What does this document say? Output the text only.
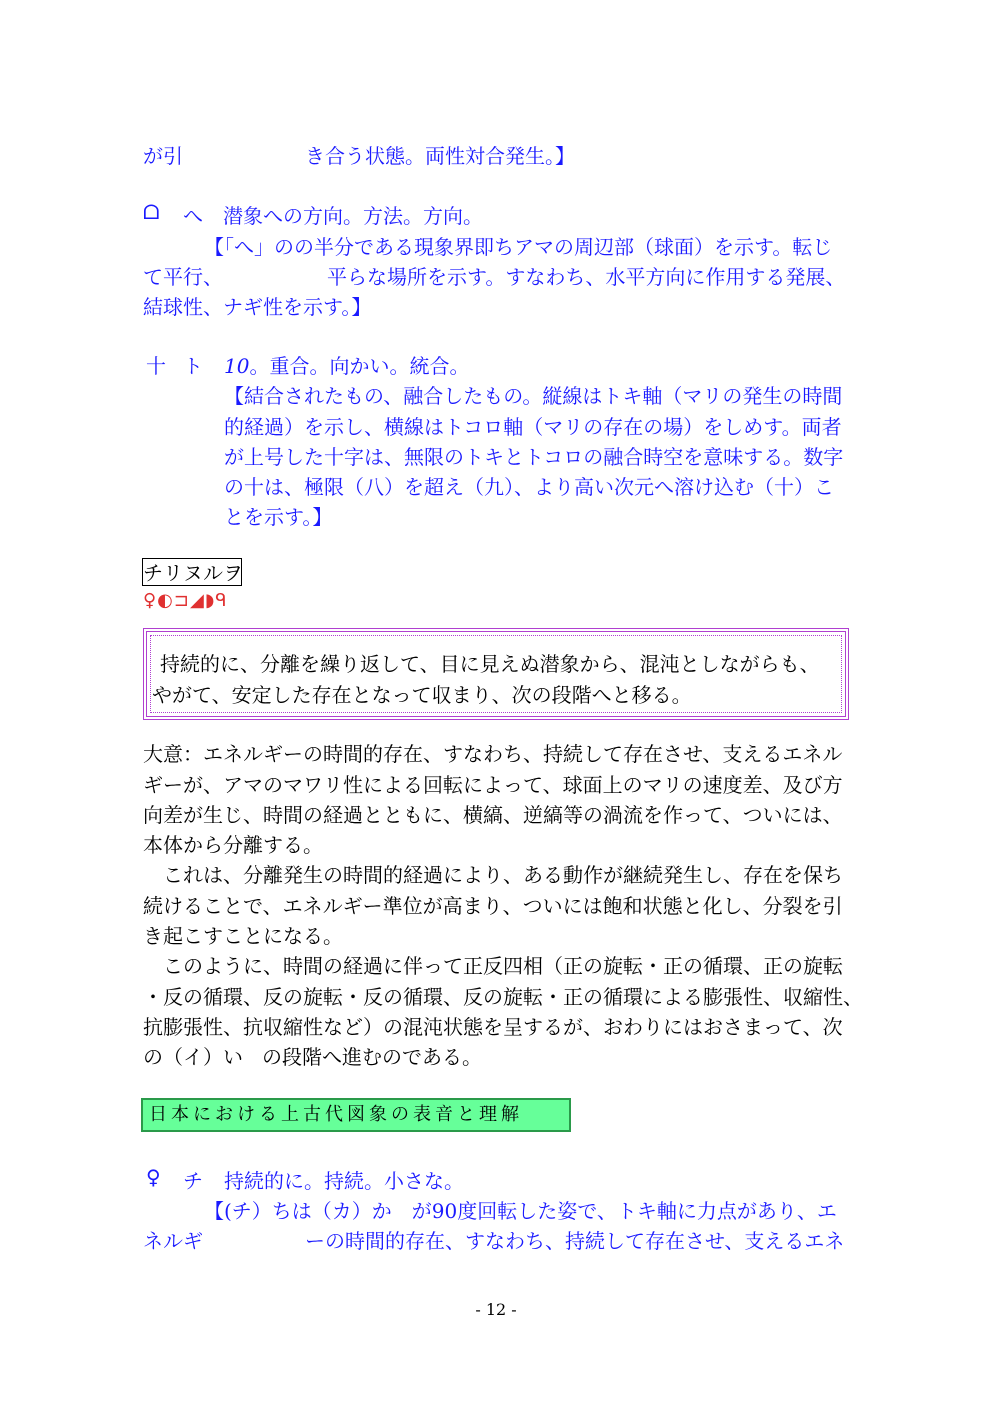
が引	き合う状態。両性対合発生。】
ᗝ へ 潜象への方向。方法。方向。
【「へ」のの半分である現象界即ちアマの周辺部（球面）を示す。転じ
て平行、	平らな場所を示す。すなわち、水平方向に作用する発展、
結球性、ナギ性を示す。】
十 ト 10。重合。向かい。統合。
【結合されたもの、融合したもの。縦線はトキ軸（マリの発生の時間
的経過）を示し、横線はトコロ軸（マリの存在の場）をしめす。両者
が上号した十字は、無限のトキとトコロの融合時空を意味する。数字
の十は、極限（八）を超え（九）、より高い次元へ溶け込む（十）こ
とを示す。】
チリヌルヲ
♀◐⊐◢◗ᑫ
持続的に、分離を繰り返して、目に見えぬ潜象から、混沌としながらも、
やがて、安定した存在となって収まり、次の段階へと移る。
大意：エネルギーの時間的存在、すなわち、持続して存在させ、支えるエネル
ギーが、アマのマワリ性による回転によって、球面上のマリの速度差、及び方
向差が生じ、時間の経過とともに、横縞、逆縞等の渦流を作って、ついには、
本体から分離する。
これは、分離発生の時間的経過により、ある動作が継続発生し、存在を保ち
続けることで、エネルギー準位が高まり、ついには飽和状態と化し、分裂を引
き起こすことになる。
このように、時間の経過に伴って正反四相（正の旋転・正の循環、正の旋転
・反の循環、反の旋転・反の循環、反の旋転・正の循環による膨張性、収縮性、
抗膨張性、抗収縮性など）の混沌状態を呈するが、おわりにはおさまって、次
の（イ）い の段階へ進むのである。
日本における上古代図象の表音と理解
♀ チ 持続的に。持続。小さな。
【(チ）ちは（カ）か　が90度回転した姿で、トキ軸に力点があり、エ
ネルギ	ーの時間的存在、すなわち、持続して存在させ、支えるエネ
- 12 -
